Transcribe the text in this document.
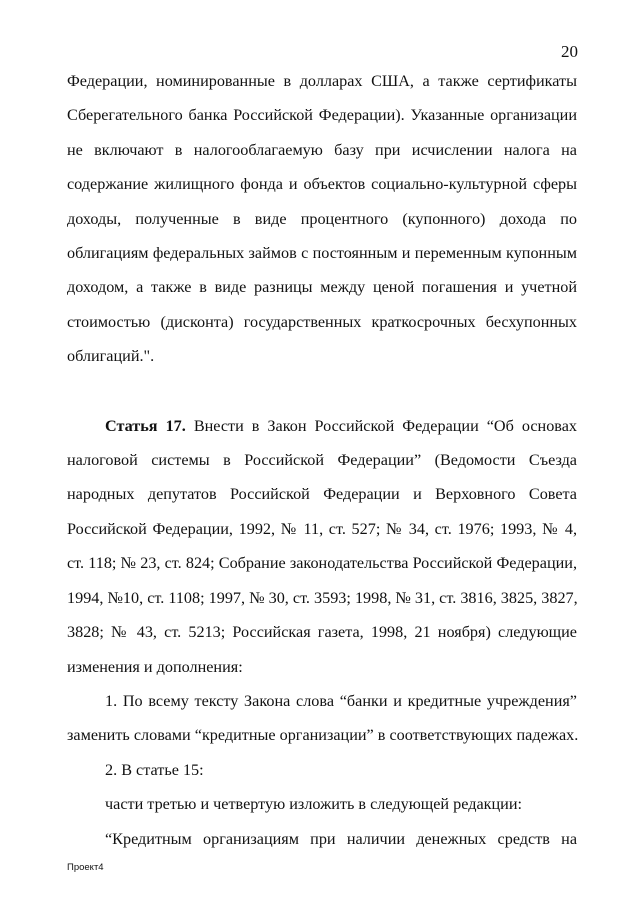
20

Федерации, номинированные в долларах США, а также сертификаты
Сберегательного банка Российской Федерации). Указанные организации
не включают в налогооблагаемую базу при исчислении налога на
содержание жилищного фонда и объектов социально-культурной сферы
доходы, полученные в виде процентного (купонного) дохода по
облигациям федеральных займов с постоянным и переменным купонным
доходом, а также в виде разницы между ценой погашения и учетной
стоимостью (дисконта) государственных краткосрочных бесхупонных
облигаций.".

Статья 17. Внести в Закон Российской Федерации “Об основах
налоговой системы в Российской Федерации” (Ведомости Съезда
народных депутатов Российской Федерации и Верховного Совета
Российской Федерации, 1992, № 11, ст. 527; № 34, ст. 1976; 1993, № 4,
ст. 118; № 23, ст. 824; Собрание законодательства Российской Федерации,
1994, №10, ст. 1108; 1997, № 30, ст. 3593; 1998, № 31, ст. 3816, 3825, 3827,
3828; № 43, ст. 5213; Российская газета, 1998, 21 ноября) следующие
изменения и дополнения:

1. По всему тексту Закона слова “банки и кредитные учреждения”
заменить словами “кредитные организации” в соответствующих падежах.

2. В статье 15:

части третью и четвертую изложить в следующей редакции:

“Кредитным организациям при наличии денежных средств на

Проект4
